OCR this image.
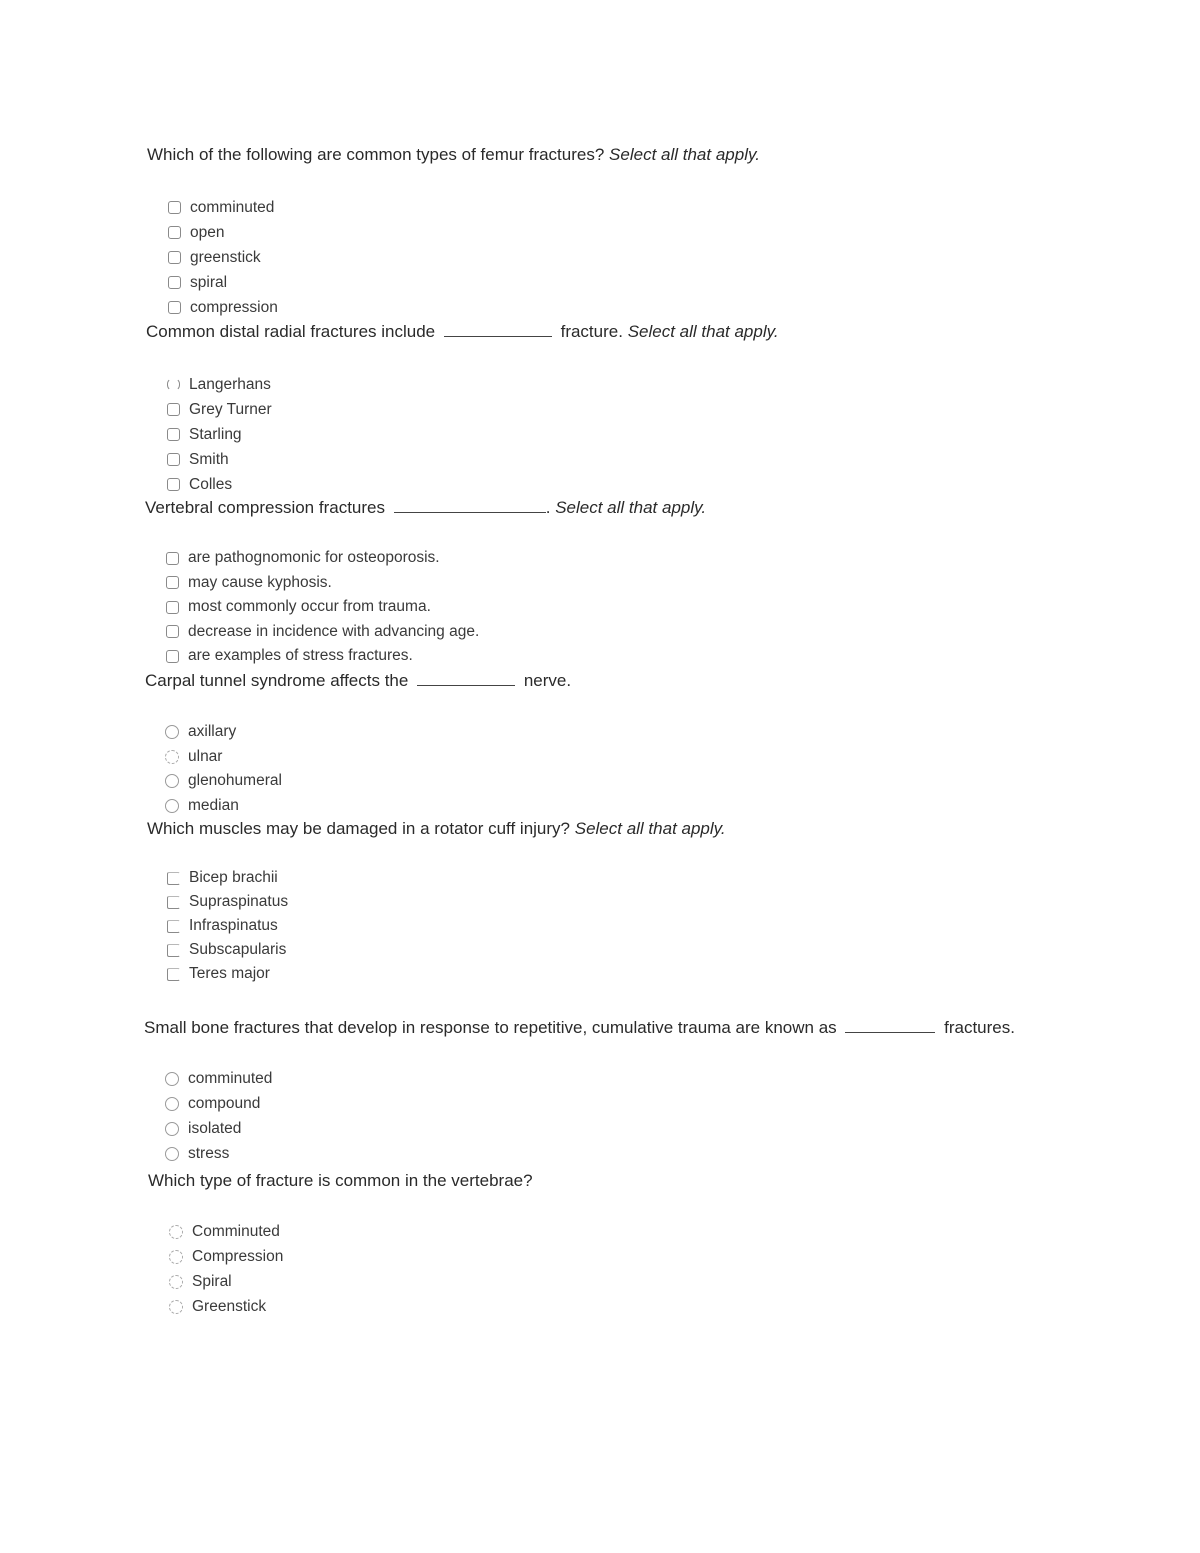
Which of the following are common types of femur fractures? Select all that apply.
comminuted
open
greenstick
spiral
compression
Common distal radial fractures include	fracture. Select all that apply.
Langerhans
Grey Turner
Starling
Smith
Colles
Vertebral compression fractures	. Select all that apply.
are pathognomonic for osteoporosis.
may cause kyphosis.
most commonly occur from trauma.
decrease in incidence with advancing age.
are examples of stress fractures.
Carpal tunnel syndrome affects the	nerve.
axillary
ulnar
glenohumeral
median
Which muscles may be damaged in a rotator cuff injury? Select all that apply.
Bicep brachii
Supraspinatus
Infraspinatus
Subscapularis
Teres major
Small bone fractures that develop in response to repetitive, cumulative trauma are known as	fractures.
comminuted
compound
isolated
stress
Which type of fracture is common in the vertebrae?
Comminuted
Compression
Spiral
Greenstick
